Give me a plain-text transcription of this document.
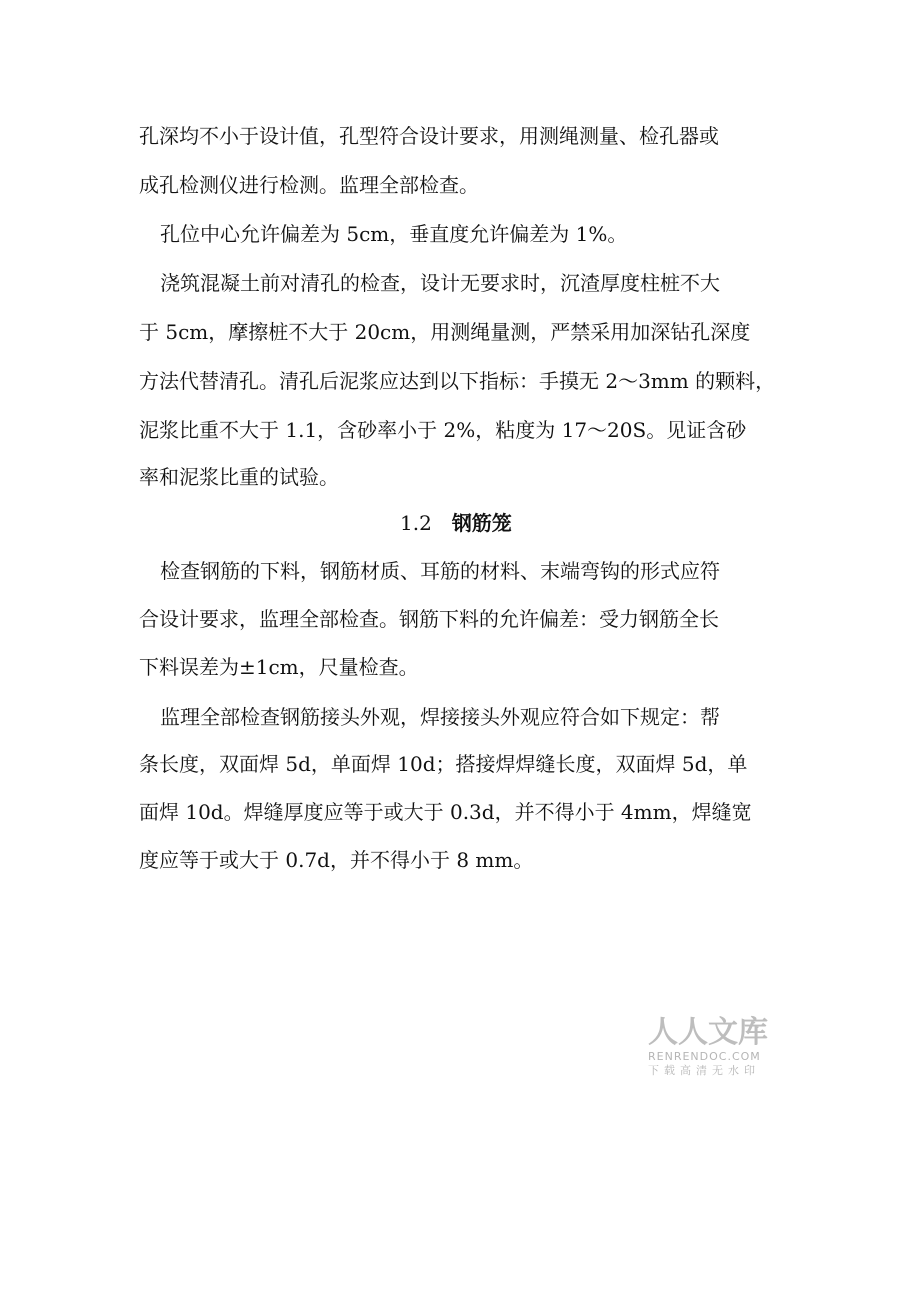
孔深均不小于设计值，孔型符合设计要求，用测绳测量、检孔器或
成孔检测仪进行检测。监理全部检查。
孔位中心允许偏差为 5cm，垂直度允许偏差为 1%。
浇筑混凝土前对清孔的检查，设计无要求时，沉渣厚度柱桩不大
于 5cm，摩擦桩不大于 20cm，用测绳量测，严禁采用加深钻孔深度
方法代替清孔。清孔后泥浆应达到以下指标：手摸无 2～3mm 的颗料，
泥浆比重不大于 1.1，含砂率小于 2%，粘度为 17～20S。见证含砂
率和泥浆比重的试验。
1.2 钢筋笼
检查钢筋的下料，钢筋材质、耳筋的材料、末端弯钩的形式应符
合设计要求，监理全部检查。钢筋下料的允许偏差：受力钢筋全长
下料误差为±1cm，尺量检查。
监理全部检查钢筋接头外观，焊接接头外观应符合如下规定：帮
条长度，双面焊 5d，单面焊 10d；搭接焊焊缝长度，双面焊 5d，单
面焊 10d。焊缝厚度应等于或大于 0.3d，并不得小于 4mm，焊缝宽
度应等于或大于 0.7d，并不得小于 8 mm。
人人文库
RENRENDOC.COM
下载高清无水印
